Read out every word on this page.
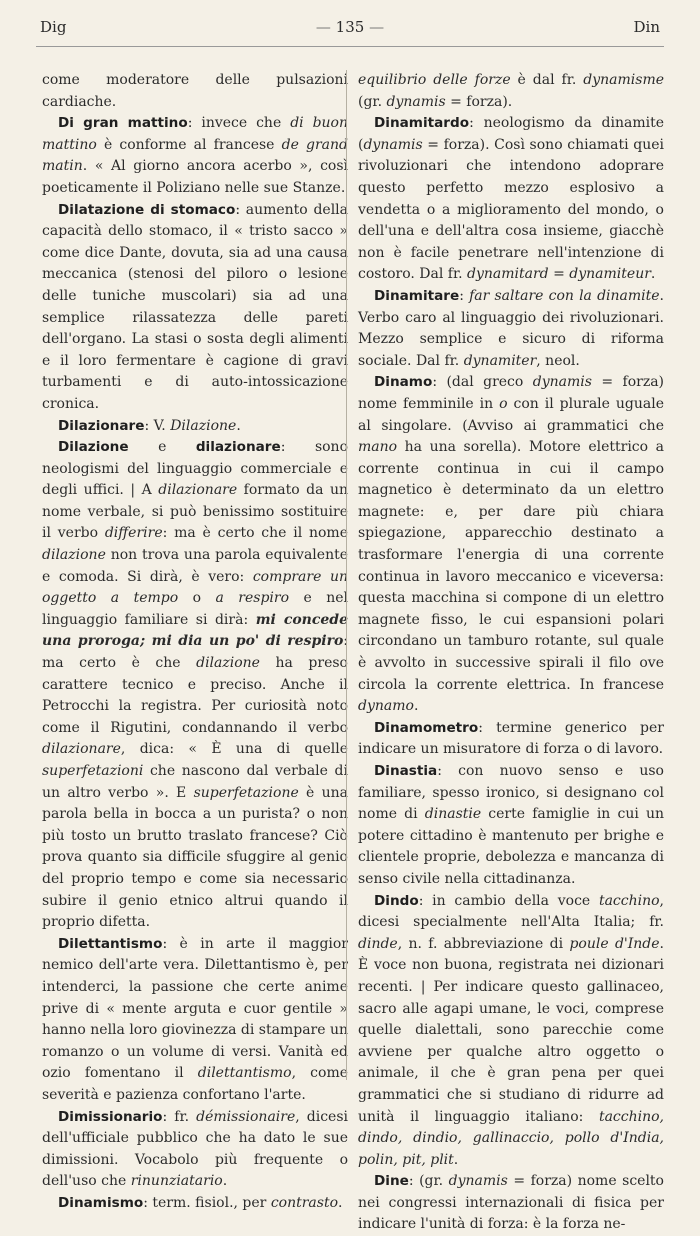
Dig	— 135 —	Din

come moderatore delle pulsazioni cardiache.

Di gran mattino: invece che di buon mattino è conforme al francese de grand matin. « Al giorno ancora acerbo », così poeticamente il Poliziano nelle sue Stanze.

Dilatazione di stomaco: aumento della capacità dello stomaco, il « tristo sacco » come dice Dante, dovuta, sia ad una causa meccanica (stenosi del piloro o lesione delle tuniche muscolari) sia ad una semplice rilassatezza delle pareti dell'organo. La stasi o sosta degli alimenti e il loro fermentare è cagione di gravi turbamenti e di auto-intossicazione cronica.

Dilazionare: V. Dilazione.

Dilazione e dilazionare: sono neologismi del linguaggio commerciale e degli uffici. | A dilazionare formato da un nome verbale, si può benissimo sostituire il verbo differire: ma è certo che il nome dilazione non trova una parola equivalente e comoda. Si dirà, è vero: comprare un oggetto a tempo o a respiro e nel linguaggio familiare si dirà: mi concede una proroga; mi dia un po' di respiro: ma certo è che dilazione ha preso carattere tecnico e preciso. Anche il Petrocchi la registra. Per curiosità noto come il Rigutini, condannando il verbo dilazionare, dica: « È una di quelle superfetazioni che nascono dal verbale di un altro verbo ». E superfetazione è una parola bella in bocca a un purista? o non più tosto un brutto traslato francese? Ciò prova quanto sia difficile sfuggire al genio del proprio tempo e come sia necessario subire il genio etnico altrui quando il proprio difetta.

Dilettantismo: è in arte il maggior nemico dell'arte vera. Dilettantismo è, per intenderci, la passione che certe anime prive di « mente arguta e cuor gentile » hanno nella loro giovinezza di stampare un romanzo o un volume di versi. Vanità ed ozio fomentano il dilettantismo, come severità e pazienza confortano l'arte.

Dimissionario: fr. démissionaire, dicesi dell'ufficiale pubblico che ha dato le sue dimissioni. Vocabolo più frequente o dell'uso che rinunziatario.

Dinamismo: term. fisiol., per contrasto.

equilibrio delle forze è dal fr. dynamisme (gr. dynamis = forza).

Dinamitardo: neologismo da dinamite (dynamis = forza). Così sono chiamati quei rivoluzionari che intendono adoprare questo perfetto mezzo esplosivo a vendetta o a miglioramento del mondo, o dell'una e dell'altra cosa insieme, giacchè non è facile penetrare nell'intenzione di costoro. Dal fr. dynamitard = dynamiteur.

Dinamitare: far saltare con la dinamite. Verbo caro al linguaggio dei rivoluzionari. Mezzo semplice e sicuro di riforma sociale. Dal fr. dynamiter, neol.

Dinamo: (dal greco dynamis = forza) nome femminile in o con il plurale uguale al singolare. (Avviso ai grammatici che mano ha una sorella). Motore elettrico a corrente continua in cui il campo magnetico è determinato da un elettro magnete: e, per dare più chiara spiegazione, apparecchio destinato a trasformare l'energia di una corrente continua in lavoro meccanico e viceversa: questa macchina si compone di un elettro magnete fisso, le cui espansioni polari circondano un tamburo rotante, sul quale è avvolto in successive spirali il filo ove circola la corrente elettrica. In francese dynamo.

Dinamometro: termine generico per indicare un misuratore di forza o di lavoro.

Dinastia: con nuovo senso e uso familiare, spesso ironico, si designano col nome di dinastie certe famiglie in cui un potere cittadino è mantenuto per brighe e clientele proprie, debolezza e mancanza di senso civile nella cittadinanza.

Dindo: in cambio della voce tacchino, dicesi specialmente nell'Alta Italia; fr. dinde, n. f. abbreviazione di poule d'Inde. È voce non buona, registrata nei dizionari recenti. | Per indicare questo gallinaceo, sacro alle agapi umane, le voci, comprese quelle dialettali, sono parecchie come avviene per qualche altro oggetto o animale, il che è gran pena per quei grammatici che si studiano di ridurre ad unità il linguaggio italiano: tacchino, dindo, dindio, gallinaccio, pollo d'India, polin, pit, plit.

Dine: (gr. dynamis = forza) nome scelto nei congressi internazionali di fisica per indicare l'unità di forza: è la forza ne-
